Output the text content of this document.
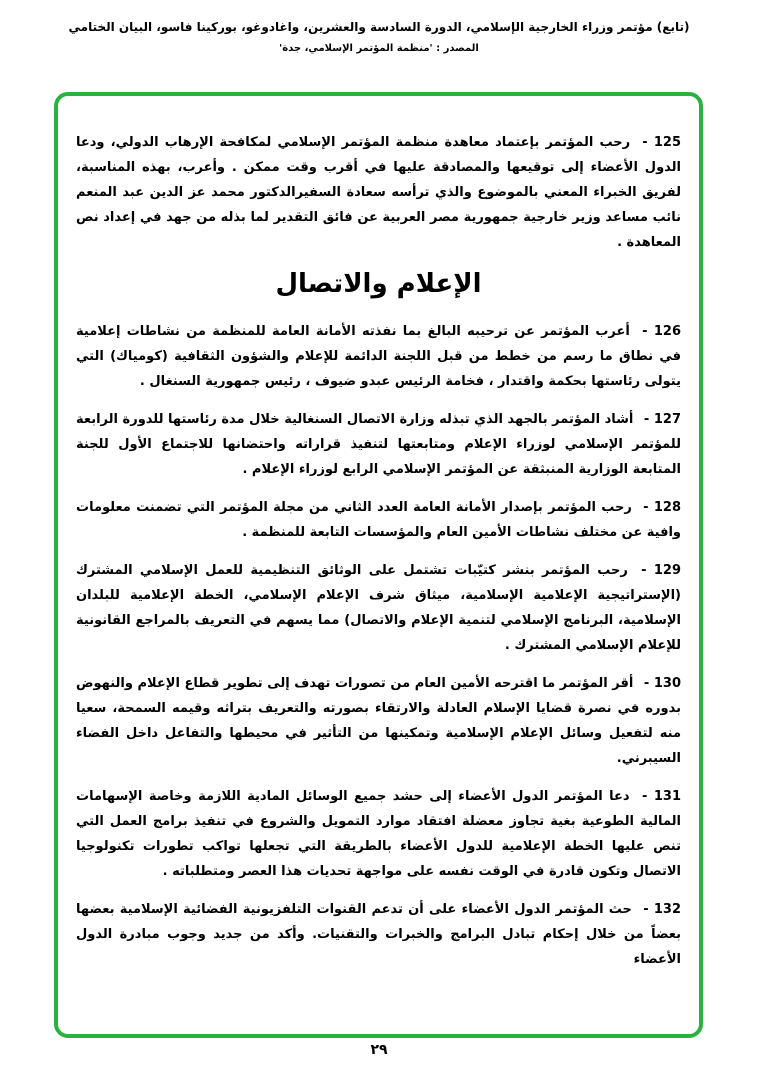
(تابع) مؤتمر وزراء الخارجية الإسلامي، الدورة السادسة والعشرين، واغادوغو، بوركينا فاسو، البيان الختامي
المصدر : 'منظمة المؤتمر الإسلامي، جدة'

125 - رحب المؤتمر بإعتماد معاهدة منظمة المؤتمر الإسلامي لمكافحة الإرهاب الدولي، ودعا الدول الأعضاء إلى توقيعها والمصادقة عليها في أقرب وقت ممكن . وأعرب، بهذه المناسبة، لفريق الخبراء المعني بالموضوع والذي ترأسه سعادة السفيرالدكتور محمد عز الدين عبد المنعم نائب مساعد وزير خارجية جمهورية مصر العربية عن فائق التقدير لما بذله من جهد في إعداد نص المعاهدة .

الإعلام والاتصال

126 - أعرب المؤتمر عن ترحيبه البالغ بما نفذته الأمانة العامة للمنظمة من نشاطات إعلامية في نطاق ما رسم من خطط من قبل اللجنة الدائمة للإعلام والشؤون الثقافية (كومياك) التي يتولى رئاستها بحكمة واقتدار ، فخامة الرئيس عبدو ضيوف ، رئيس جمهورية السنغال .

127 - أشاد المؤتمر بالجهد الذي تبذله وزارة الاتصال السنغالية خلال مدة رئاستها للدورة الرابعة للمؤتمر الإسلامي لوزراء الإعلام ومتابعتها لتنفيذ قراراته واحتضانها للاجتماع الأول للجنة المتابعة الوزارية المنبثقة عن المؤتمر الإسلامي الرابع لوزراء الإعلام .

128 - رحب المؤتمر بإصدار الأمانة العامة العدد الثاني من مجلة المؤتمر التي تضمنت معلومات وافية عن مختلف نشاطات الأمين العام والمؤسسات التابعة للمنظمة .

129 - رحب المؤتمر بنشر كتيّبات تشتمل على الوثائق التنظيمية للعمل الإسلامي المشترك (الإستراتيجية الإعلامية الإسلامية، ميثاق شرف الإعلام الإسلامي، الخطة الإعلامية للبلدان الإسلامية، البرنامج الإسلامي لتنمية الإعلام والاتصال) مما يسهم في التعريف بالمراجع القانونية للإعلام الإسلامي المشترك .

130 - أقر المؤتمر ما اقترحه الأمين العام من تصورات تهدف إلى تطوير قطاع الإعلام والنهوض بدوره في نصرة قضايا الإسلام العادلة والارتقاء بصورته والتعريف بتراثه وقيمه السمحة، سعيا منه لتفعيل وسائل الإعلام الإسلامية وتمكينها من التأثير في محيطها والتفاعل داخل الفضاء السيبرني.

131 - دعا المؤتمر الدول الأعضاء إلى حشد جميع الوسائل المادية اللازمة وخاصة الإسهامات المالية الطوعية بغية تجاوز معضلة افتقاد موارد التمويل والشروع في تنفيذ برامج العمل التي تنص عليها الخطة الإعلامية للدول الأعضاء بالطريقة التي تجعلها تواكب تطورات تكنولوجيا الاتصال وتكون قادرة في الوقت نفسه على مواجهة تحديات هذا العصر ومتطلباته .

132 - حث المؤتمر الدول الأعضاء على أن تدعم القنوات التلفزيونية الفضائية الإسلامية بعضها بعضاً من خلال إحكام تبادل البرامج والخبرات والتقنيات. وأكد من جديد وجوب مبادرة الدول الأعضاء

٢٩
